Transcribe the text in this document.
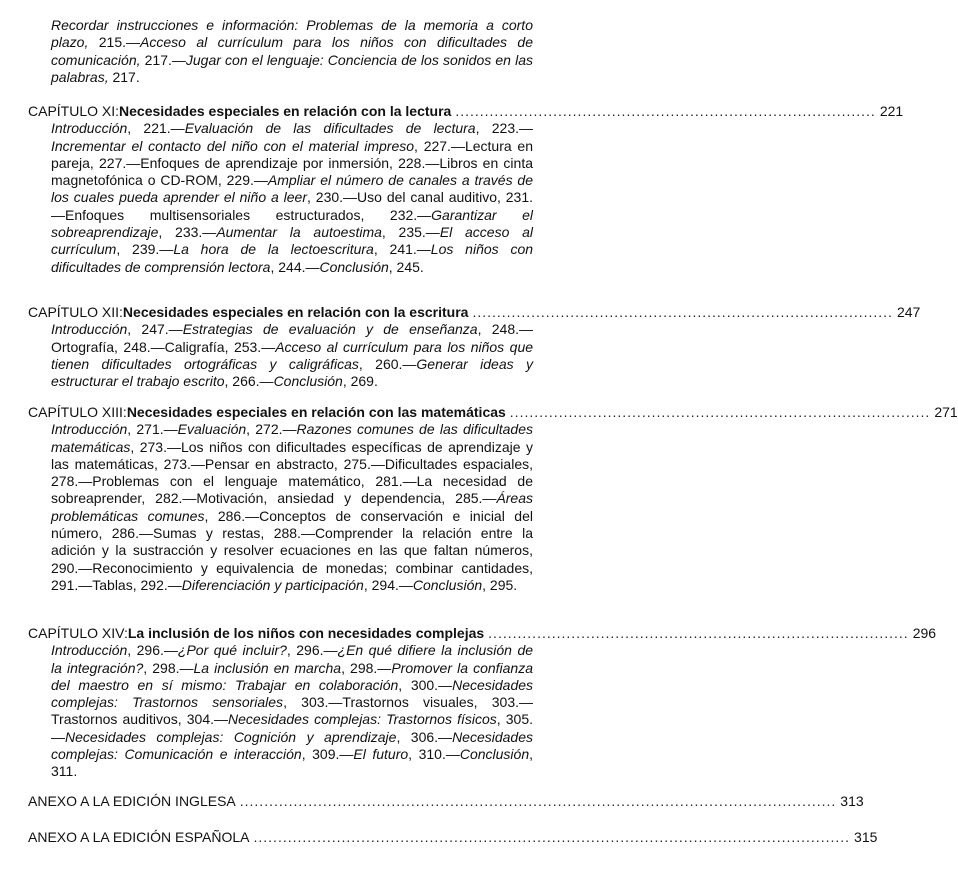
Recordar instrucciones e información: Problemas de la memoria a corto plazo, 215.—Acceso al currículum para los niños con dificultades de comunicación, 217.—Jugar con el lenguaje: Conciencia de los sonidos en las palabras, 217.

CAPÍTULO XI: Necesidades especiales en relación con la lectura ...................................................................................... 221

Introducción, 221.—Evaluación de las dificultades de lectura, 223.—Incrementar el contacto del niño con el material impreso, 227.—Lectura en pareja, 227.—Enfoques de aprendizaje por inmersión, 228.—Libros en cinta magnetofónica o CD-ROM, 229.—Ampliar el número de canales a través de los cuales pueda aprender el niño a leer, 230.—Uso del canal auditivo, 231.—Enfoques multisensoriales estructurados, 232.—Garantizar el sobreaprendizaje, 233.—Aumentar la autoestima, 235.—El acceso al currículum, 239.—La hora de la lectoescritura, 241.—Los niños con dificultades de comprensión lectora, 244.—Conclusión, 245.

CAPÍTULO XII: Necesidades especiales en relación con la escritura ...................................................................................... 247

Introducción, 247.—Estrategias de evaluación y de enseñanza, 248.—Ortografía, 248.—Caligrafía, 253.—Acceso al currículum para los niños que tienen dificultades ortográficas y caligráficas, 260.—Generar ideas y estructurar el trabajo escrito, 266.—Conclusión, 269.

CAPÍTULO XIII: Necesidades especiales en relación con las matemáticas ...................................................................................... 271

Introducción, 271.—Evaluación, 272.—Razones comunes de las dificultades matemáticas, 273.—Los niños con dificultades específicas de aprendizaje y las matemáticas, 273.—Pensar en abstracto, 275.—Dificultades espaciales, 278.—Problemas con el lenguaje matemático, 281.—La necesidad de sobreaprender, 282.—Motivación, ansiedad y dependencia, 285.—Áreas problemáticas comunes, 286.—Conceptos de conservación e inicial del número, 286.—Sumas y restas, 288.—Comprender la relación entre la adición y la sustracción y resolver ecuaciones en las que faltan números, 290.—Reconocimiento y equivalencia de monedas; combinar cantidades, 291.—Tablas, 292.—Diferenciación y participación, 294.—Conclusión, 295.

CAPÍTULO XIV: La inclusión de los niños con necesidades complejas ...................................................................................... 296

Introducción, 296.—¿Por qué incluir?, 296.—¿En qué difiere la inclusión de la integración?, 298.—La inclusión en marcha, 298.—Promover la confianza del maestro en sí mismo: Trabajar en colaboración, 300.—Necesidades complejas: Trastornos sensoriales, 303.—Trastornos visuales, 303.—Trastornos auditivos, 304.—Necesidades complejas: Trastornos físicos, 305.—Necesidades complejas: Cognición y aprendizaje, 306.—Necesidades complejas: Comunicación e interacción, 309.—El futuro, 310.—Conclusión, 311.

ANEXO A LA EDICIÓN INGLESA .......................................................................................................................... 313
ANEXO A LA EDICIÓN ESPAÑOLA .......................................................................................................................... 315
